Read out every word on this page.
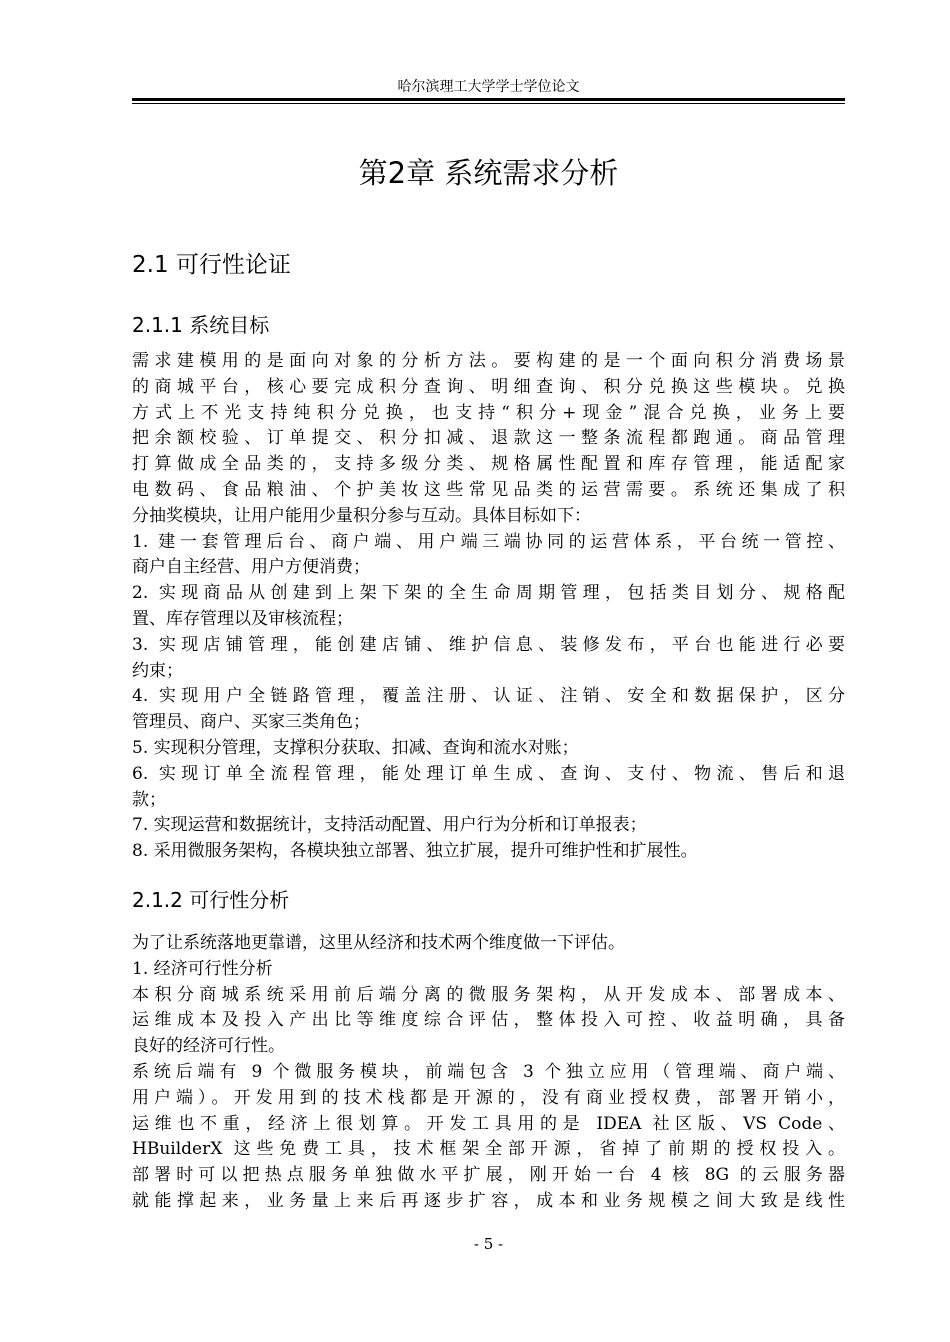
哈尔滨理工大学学士学位论文
第2章 系统需求分析
2.1 可行性论证
2.1.1 系统目标
需求建模用的是面向对象的分析方法。要构建的是一个面向积分消费场景
的商城平台，核心要完成积分查询、明细查询、积分兑换这些模块。兑换
方式上不光支持纯积分兑换，也支持“积分+现金”混合兑换，业务上要
把余额校验、订单提交、积分扣减、退款这一整条流程都跑通。商品管理
打算做成全品类的，支持多级分类、规格属性配置和库存管理，能适配家
电数码、食品粮油、个护美妆这些常见品类的运营需要。系统还集成了积
分抽奖模块，让用户能用少量积分参与互动。具体目标如下：
1. 建一套管理后台、商户端、用户端三端协同的运营体系，平台统一管控、
商户自主经营、用户方便消费；
2. 实现商品从创建到上架下架的全生命周期管理，包括类目划分、规格配
置、库存管理以及审核流程；
3. 实现店铺管理，能创建店铺、维护信息、装修发布，平台也能进行必要
约束；
4. 实现用户全链路管理，覆盖注册、认证、注销、安全和数据保护，区分
管理员、商户、买家三类角色；
5. 实现积分管理，支撑积分获取、扣减、查询和流水对账；
6. 实现订单全流程管理，能处理订单生成、查询、支付、物流、售后和退
款；
7. 实现运营和数据统计，支持活动配置、用户行为分析和订单报表；
8. 采用微服务架构，各模块独立部署、独立扩展，提升可维护性和扩展性。
2.1.2 可行性分析
为了让系统落地更靠谱，这里从经济和技术两个维度做一下评估。
1. 经济可行性分析
本积分商城系统采用前后端分离的微服务架构，从开发成本、部署成本、
运维成本及投入产出比等维度综合评估，整体投入可控、收益明确，具备
良好的经济可行性。
系统后端有 9 个微服务模块，前端包含 3 个独立应用（管理端、商户端、
用户端）。开发用到的技术栈都是开源的，没有商业授权费，部署开销小，
运维也不重，经济上很划算。开发工具用的是 IDEA 社区版、VS Code、
HBuilderX 这些免费工具，技术框架全部开源，省掉了前期的授权投入。
部署时可以把热点服务单独做水平扩展，刚开始一台 4 核 8G 的云服务器
就能撑起来，业务量上来后再逐步扩容，成本和业务规模之间大致是线性
- 5 -
